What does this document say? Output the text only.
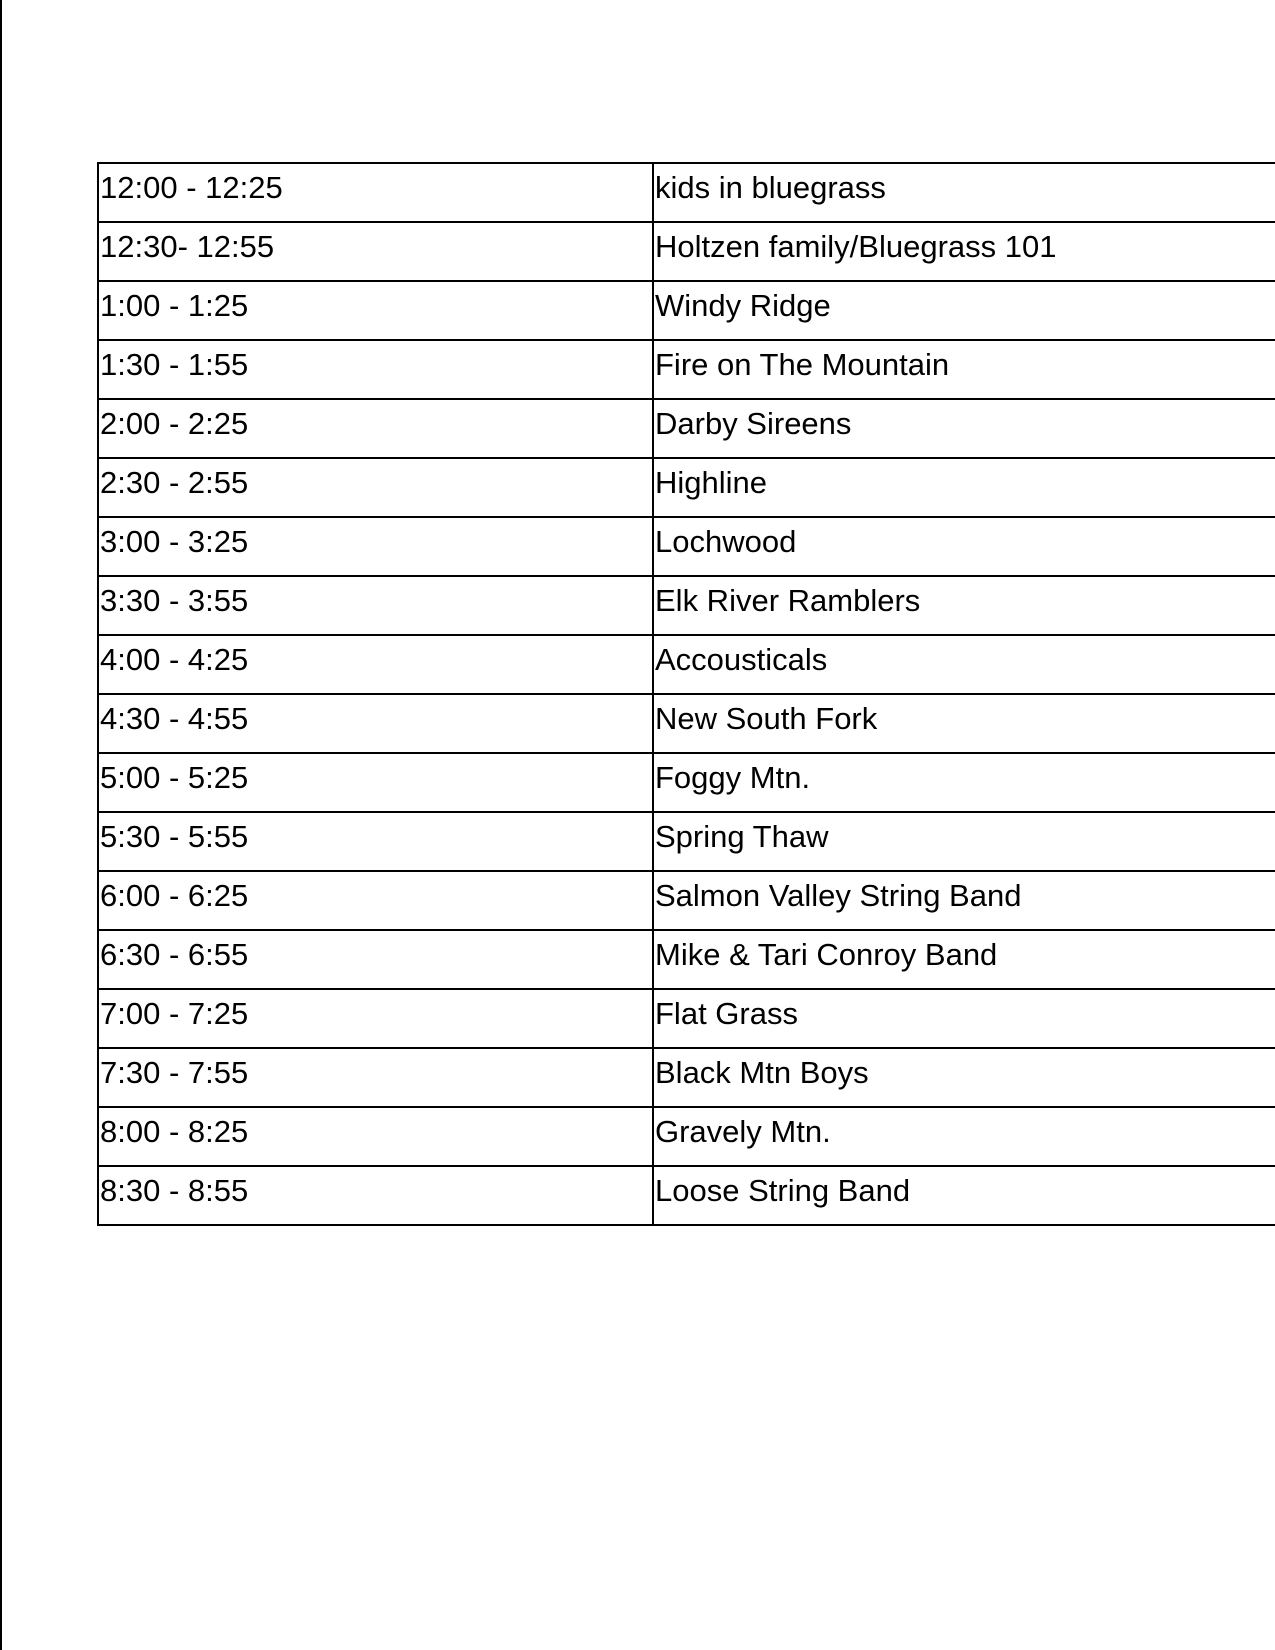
12:00 - 12:25	kids in bluegrass

12:30- 12:55	Holtzen family/Bluegrass 101

1:00 - 1:25	Windy Ridge

1:30 - 1:55	Fire on The Mountain

2:00 - 2:25	Darby Sireens

2:30 - 2:55	Highline

3:00 - 3:25	Lochwood

3:30 - 3:55	Elk River Ramblers

4:00 - 4:25	Accousticals

4:30 - 4:55	New South Fork

5:00 - 5:25	Foggy Mtn.

5:30 - 5:55	Spring Thaw

6:00 - 6:25	Salmon Valley String Band

6:30 - 6:55	Mike & Tari Conroy Band

7:00 - 7:25	Flat Grass

7:30 - 7:55	Black Mtn Boys

8:00 - 8:25	Gravely Mtn.

8:30 - 8:55	Loose String Band
